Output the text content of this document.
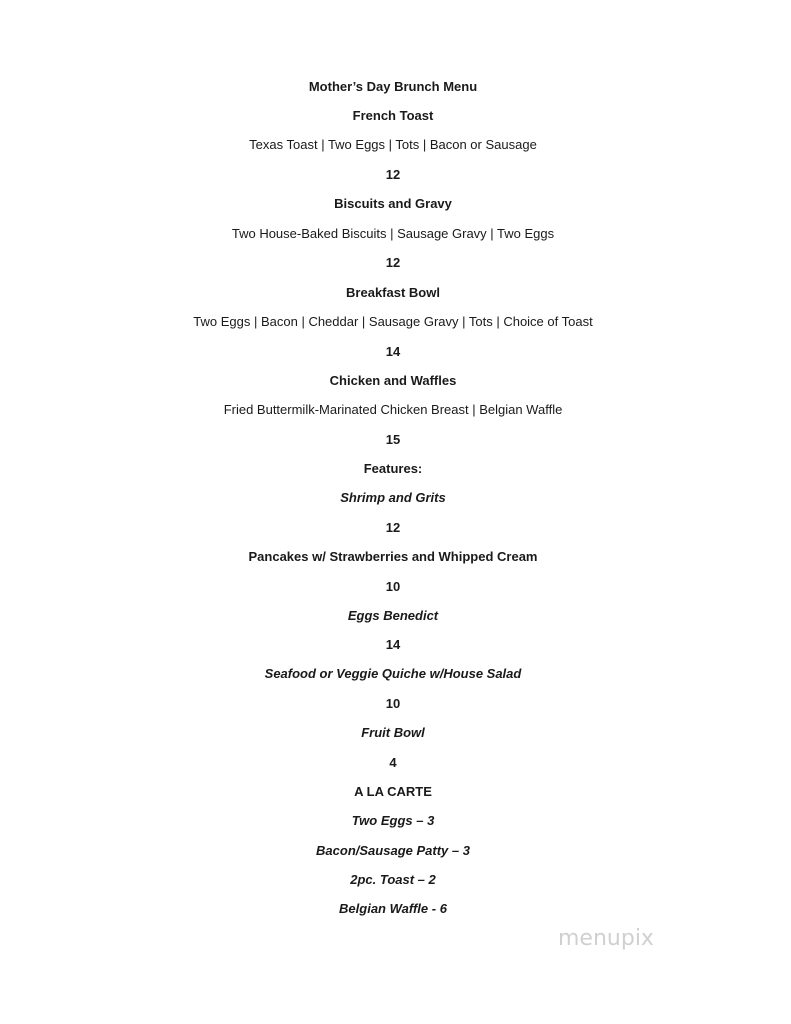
Mother’s Day Brunch Menu
French Toast
Texas Toast | Two Eggs | Tots | Bacon or Sausage
12
Biscuits and Gravy
Two House-Baked Biscuits | Sausage Gravy | Two Eggs
12
Breakfast Bowl
Two Eggs | Bacon | Cheddar | Sausage Gravy | Tots | Choice of Toast
14
Chicken and Waffles
Fried Buttermilk-Marinated Chicken Breast | Belgian Waffle
15
Features:
Shrimp and Grits
12
Pancakes w/ Strawberries and Whipped Cream
10
Eggs Benedict
14
Seafood or Veggie Quiche w/House Salad
10
Fruit Bowl
4
A LA CARTE
Two Eggs – 3
Bacon/Sausage Patty – 3
2pc. Toast – 2
Belgian Waffle - 6
menupix
